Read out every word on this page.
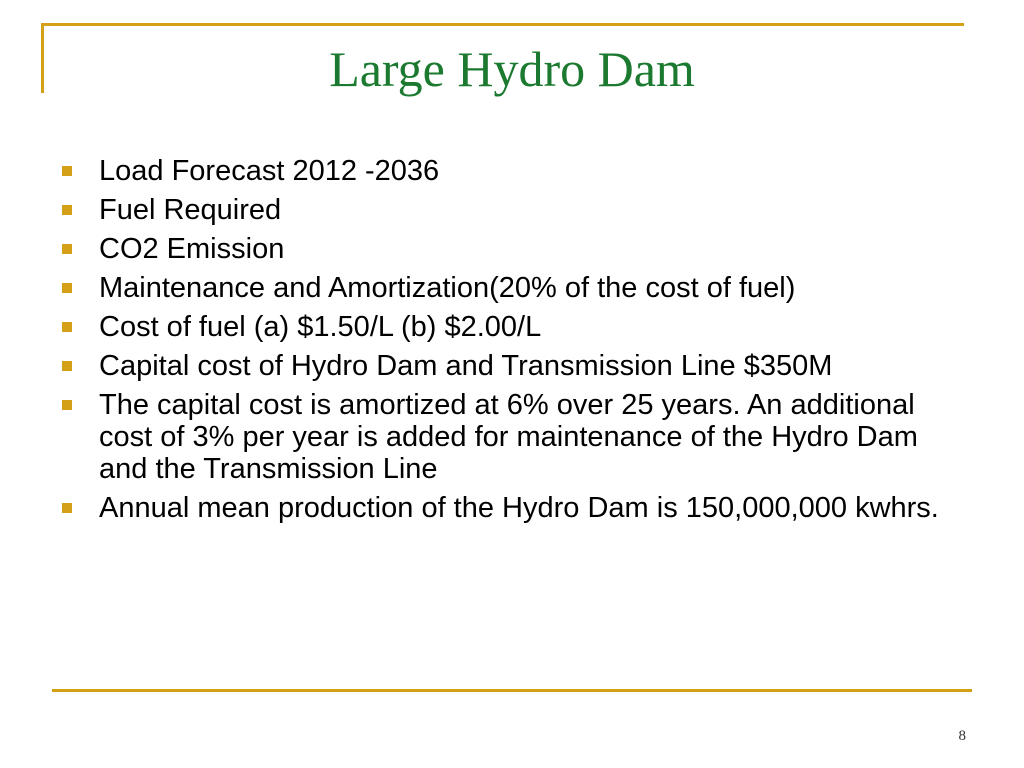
Large Hydro Dam
Load Forecast 2012 -2036
Fuel Required
CO2 Emission
Maintenance and Amortization(20% of the cost of fuel)
Cost of fuel (a) $1.50/L (b) $2.00/L
Capital cost of Hydro Dam and Transmission Line $350M
The capital cost is amortized at 6% over 25 years. An additional cost of 3% per year is added for maintenance of the Hydro Dam and the Transmission Line
Annual mean production of the Hydro Dam is 150,000,000 kwhrs.
8
